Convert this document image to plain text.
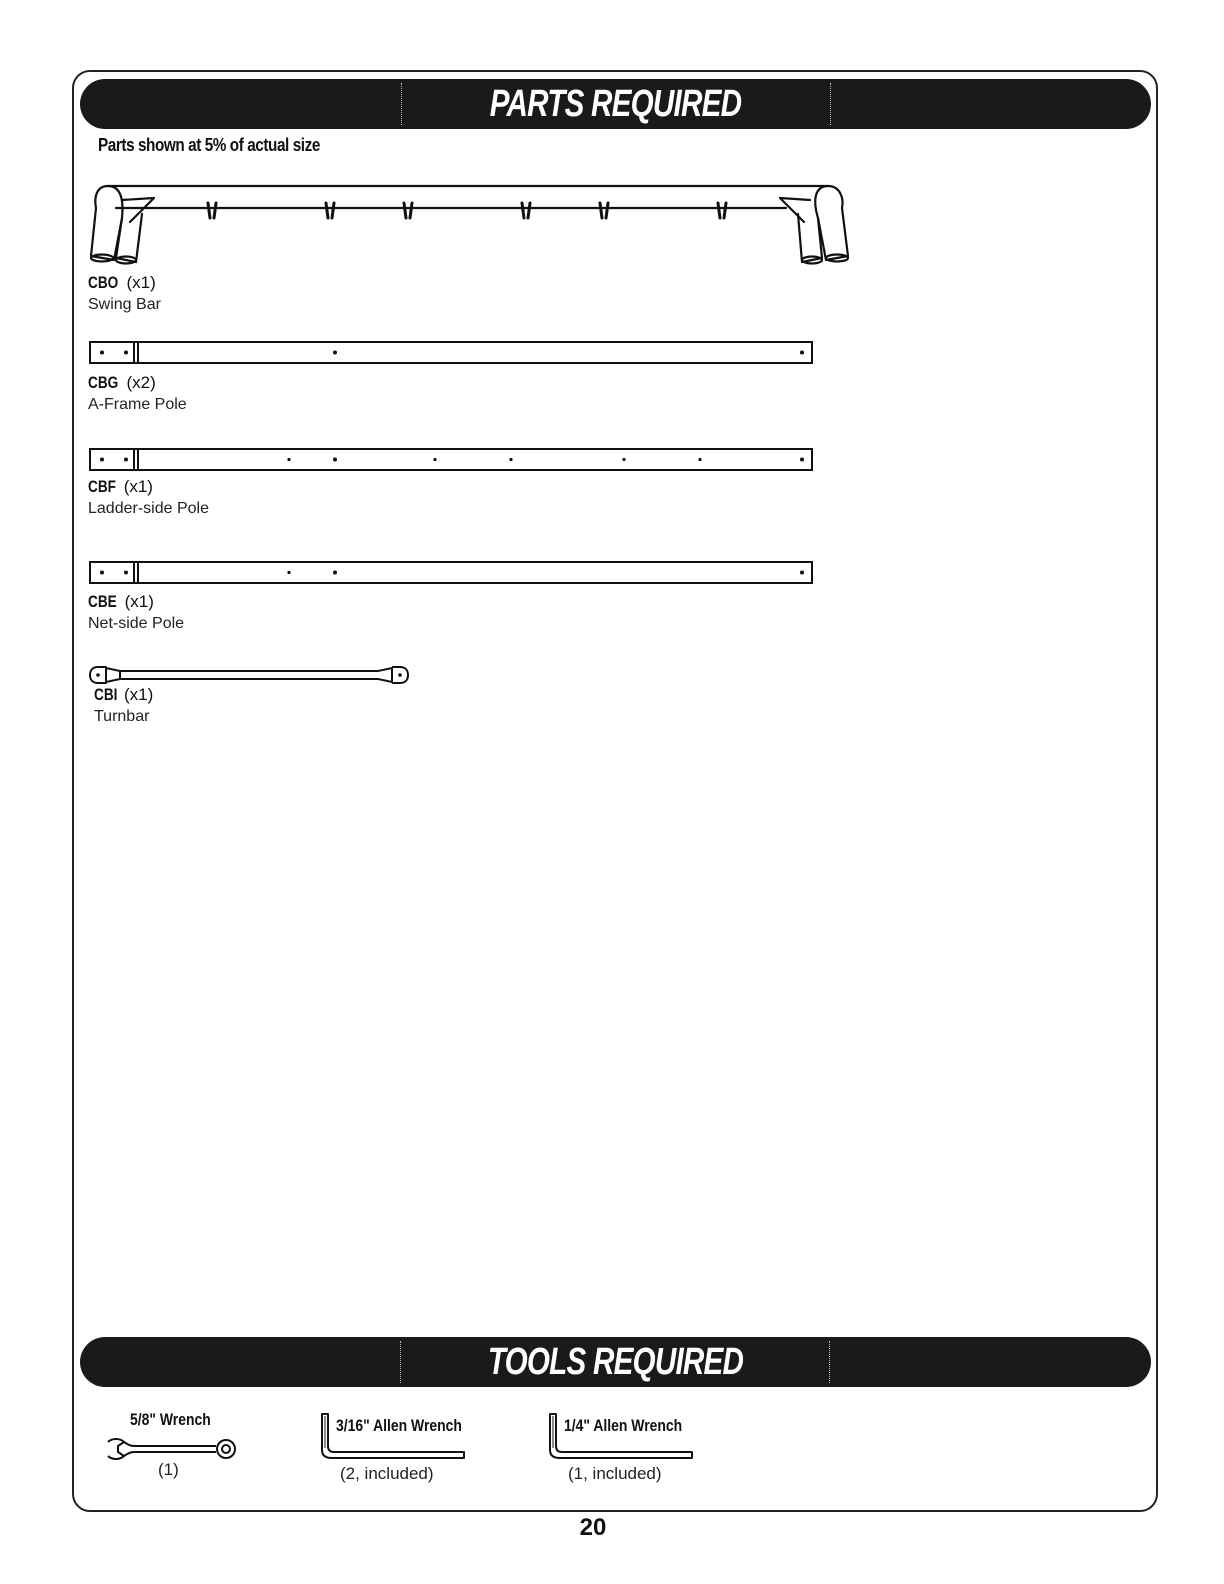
PARTS REQUIRED
Parts shown at 5% of actual size
CBO (x1)
Swing Bar
CBG (x2)
A-Frame Pole
CBF (x1)
Ladder-side Pole
CBE (x1)
Net-side Pole
CBI (x1)
Turnbar
TOOLS REQUIRED
5/8" Wrench
(1)
3/16" Allen Wrench
(2, included)
1/4" Allen Wrench
(1, included)
20
